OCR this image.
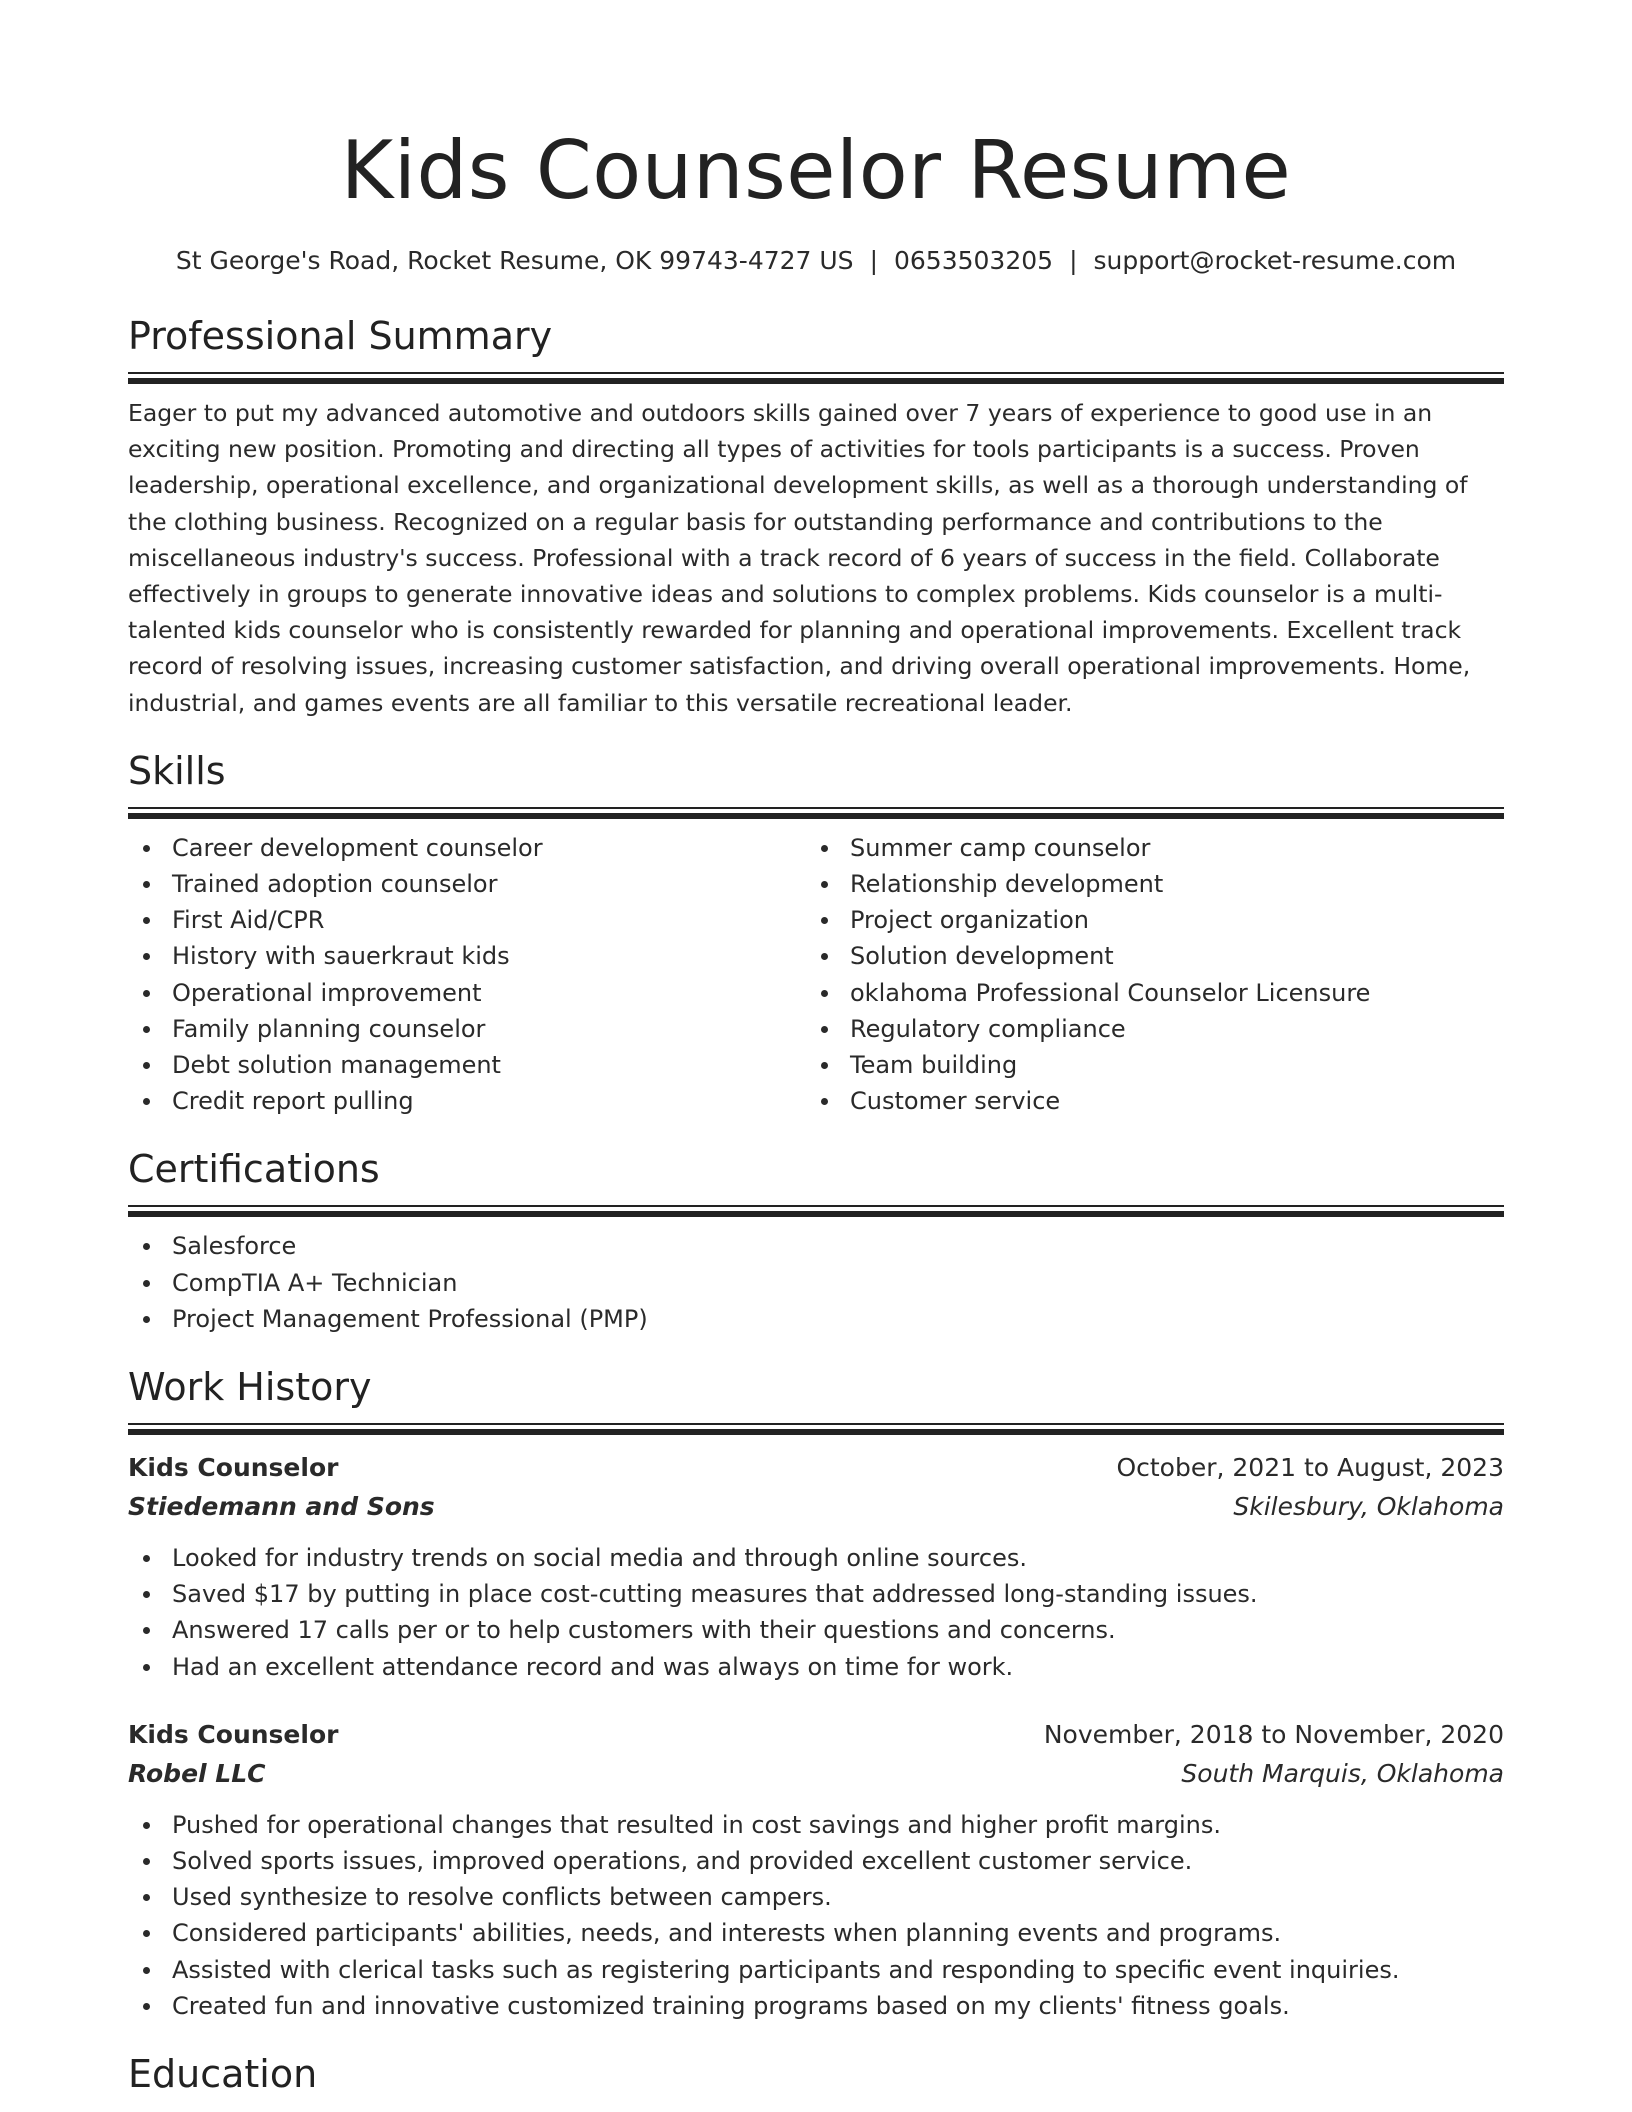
Kids Counselor Resume
St George's Road, Rocket Resume, OK 99743-4727 US | 0653503205 | support@rocket-resume.com
Professional Summary

Eager to put my advanced automotive and outdoors skills gained over 7 years of experience to good use in an exciting new position. Promoting and directing all types of activities for tools participants is a success. Proven leadership, operational excellence, and organizational development skills, as well as a thorough understanding of the clothing business. Recognized on a regular basis for outstanding performance and contributions to the miscellaneous industry's success. Professional with a track record of 6 years of success in the field. Collaborate effectively in groups to generate innovative ideas and solutions to complex problems. Kids counselor is a multi-talented kids counselor who is consistently rewarded for planning and operational improvements. Excellent track record of resolving issues, increasing customer satisfaction, and driving overall operational improvements. Home, industrial, and games events are all familiar to this versatile recreational leader.

Skills
Career development counselor
Trained adoption counselor
First Aid/CPR
History with sauerkraut kids
Operational improvement
Family planning counselor
Debt solution management
Credit report pulling
Summer camp counselor
Relationship development
Project organization
Solution development
oklahoma Professional Counselor Licensure
Regulatory compliance
Team building
Customer service
Certifications
Salesforce
CompTIA A+ Technician
Project Management Professional (PMP)
Work History
Kids Counselor	October, 2021 to August, 2023
Stiedemann and Sons	Skilesbury, Oklahoma
Looked for industry trends on social media and through online sources.
Saved $17 by putting in place cost-cutting measures that addressed long-standing issues.
Answered 17 calls per or to help customers with their questions and concerns.
Had an excellent attendance record and was always on time for work.
Kids Counselor	November, 2018 to November, 2020
Robel LLC	South Marquis, Oklahoma
Pushed for operational changes that resulted in cost savings and higher profit margins.
Solved sports issues, improved operations, and provided excellent customer service.
Used synthesize to resolve conflicts between campers.
Considered participants' abilities, needs, and interests when planning events and programs.
Assisted with clerical tasks such as registering participants and responding to specific event inquiries.
Created fun and innovative customized training programs based on my clients' fitness goals.
Education
